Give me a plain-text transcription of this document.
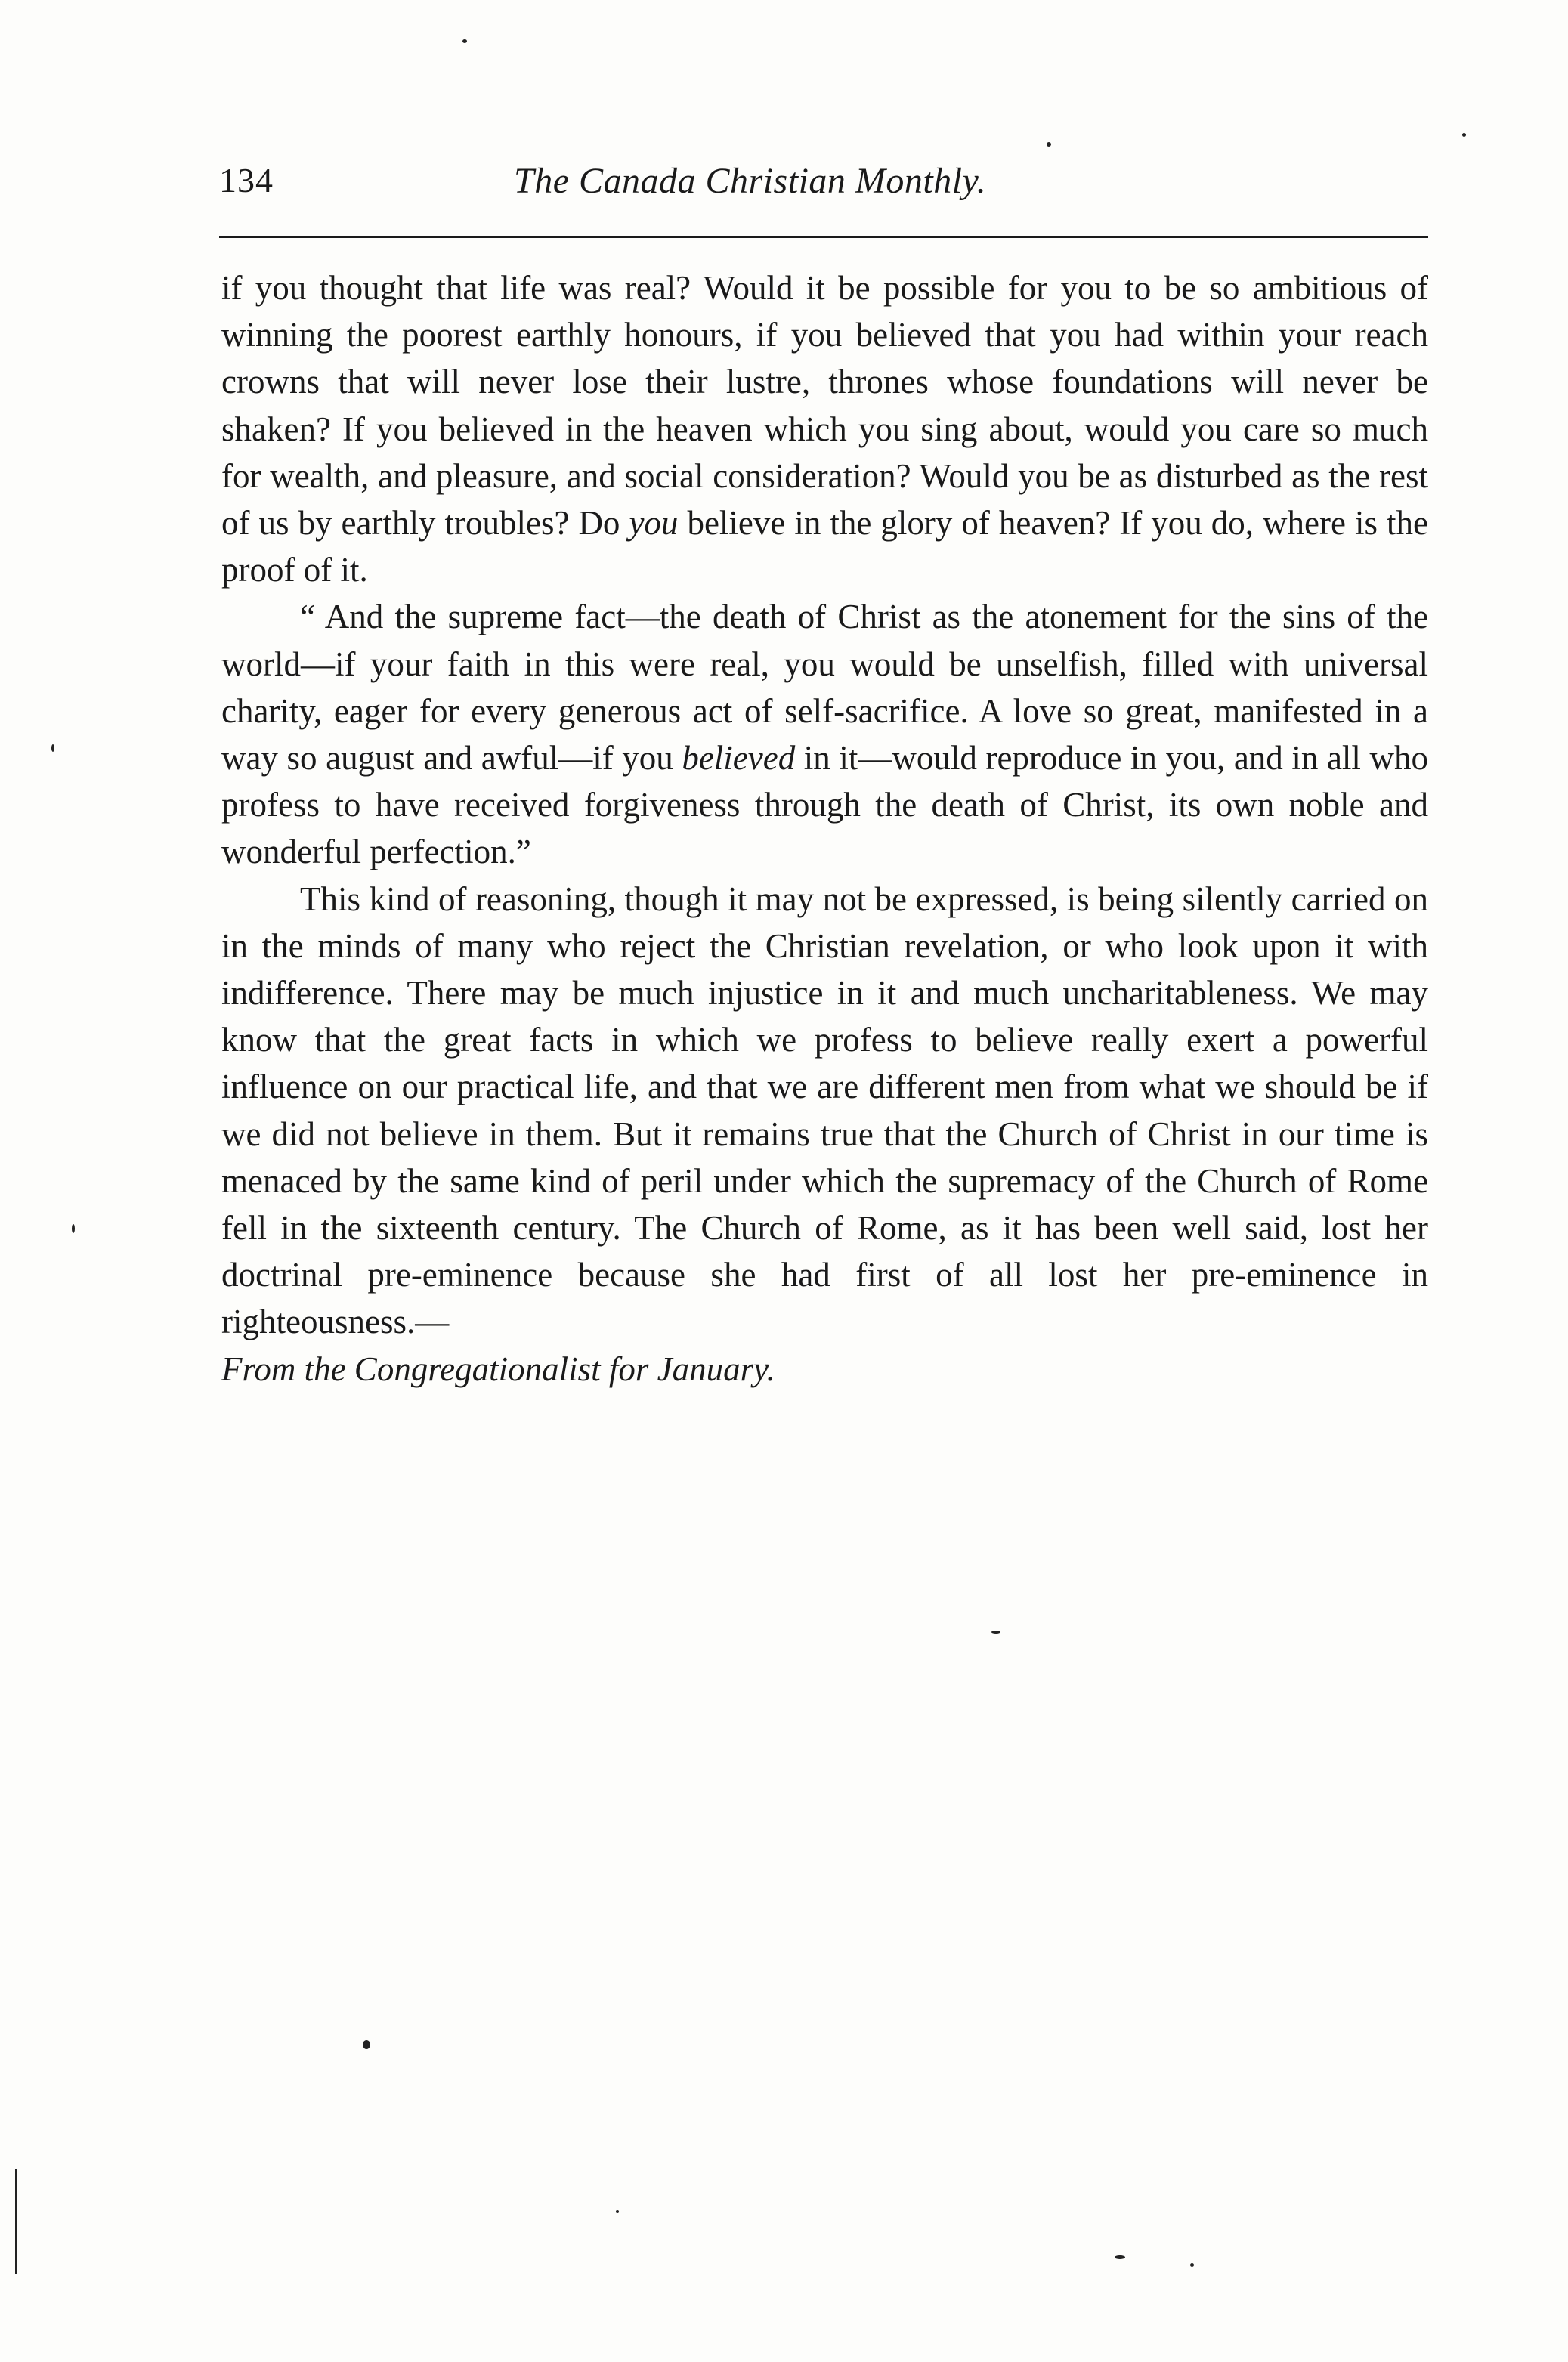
134	The Canada Christian Monthly.

if you thought that life was real? Would it be possible for you to be so ambitious of winning the poorest earthly honours, if you believed that you had within your reach crowns that will never lose their lustre, thrones whose foundations will never be shaken? If you believed in the heaven which you sing about, would you care so much for wealth, and pleasure, and social consideration? Would you be as disturbed as the rest of us by earthly troubles? Do you believe in the glory of heaven? If you do, where is the proof of it.

“ And the supreme fact—the death of Christ as the atonement for the sins of the world—if your faith in this were real, you would be unselfish, filled with universal charity, eager for every generous act of self-sacrifice. A love so great, manifested in a way so august and awful—if you believed in it—would reproduce in you, and in all who profess to have received forgiveness through the death of Christ, its own noble and wonderful perfection.”

This kind of reasoning, though it may not be expressed, is being silently carried on in the minds of many who reject the Christian revelation, or who look upon it with indifference. There may be much injustice in it and much uncharitableness. We may know that the great facts in which we profess to believe really exert a powerful influence on our practical life, and that we are different men from what we should be if we did not believe in them. But it remains true that the Church of Christ in our time is menaced by the same kind of peril under which the supremacy of the Church of Rome fell in the sixteenth century. The Church of Rome, as it has been well said, lost her doctrinal pre-eminence because she had first of all lost her pre-eminence in righteousness.—

From the Congregationalist for January.
